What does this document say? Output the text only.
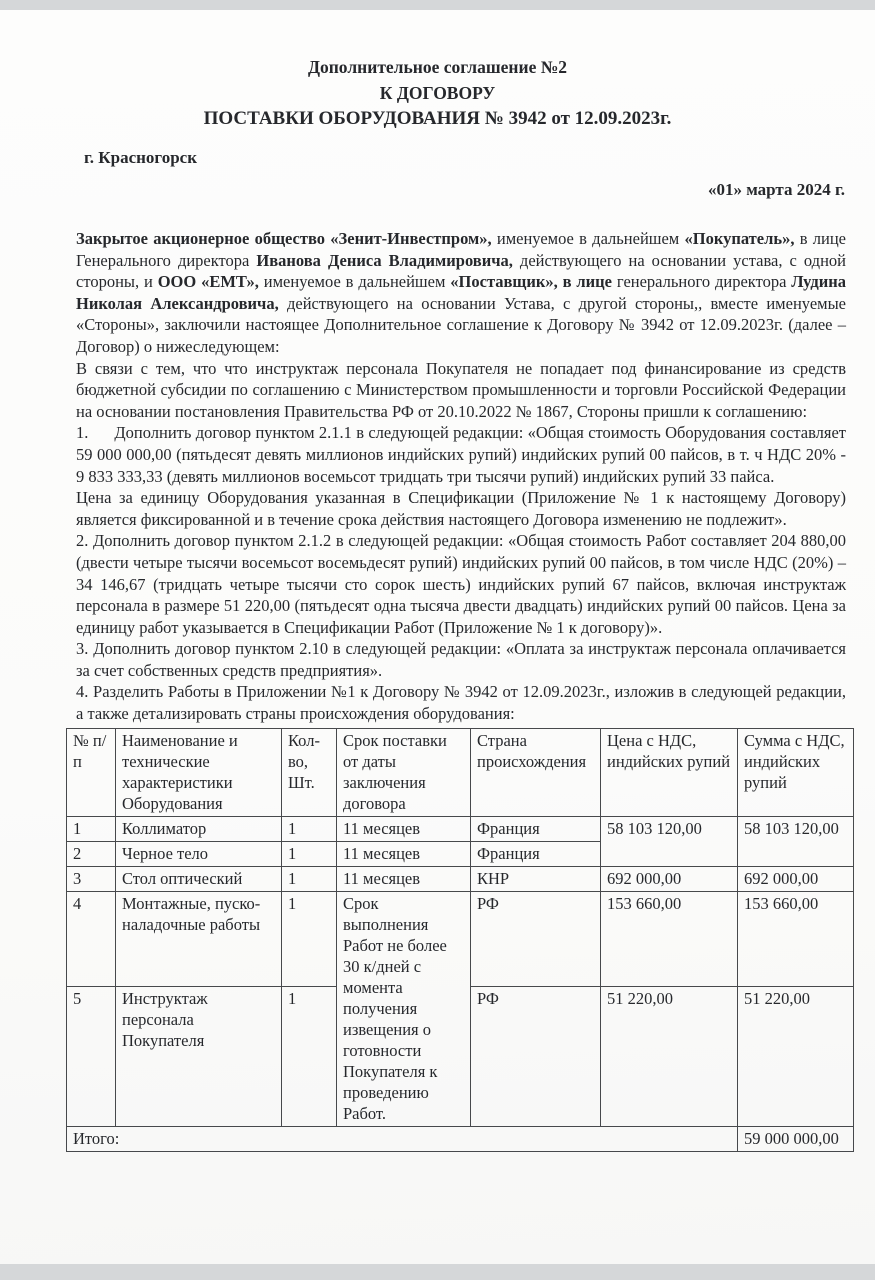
Дополнительное соглашение №2
К ДОГОВОРУ
ПОСТАВКИ ОБОРУДОВАНИЯ № 3942 от 12.09.2023г.
г. Красногорск
«01» марта 2024 г.

Закрытое акционерное общество «Зенит-Инвестпром», именуемое в дальнейшем «Покупатель», в лице Генерального директора Иванова Дениса Владимировича, действующего на основании устава, с одной стороны, и ООО «ЕМТ», именуемое в дальнейшем «Поставщик», в лице генерального директора Лудина Николая Александровича, действующего на основании Устава, с другой стороны,, вместе именуемые «Стороны», заключили настоящее Дополнительное соглашение к Договору № 3942 от 12.09.2023г. (далее – Договор) о нижеследующем:

В связи с тем, что что инструктаж персонала Покупателя не попадает под финансирование из средств бюджетной субсидии по соглашению с Министерством промышленности и торговли Российской Федерации на основании постановления Правительства РФ от 20.10.2022 № 1867, Стороны пришли к соглашению:

1.      Дополнить договор пунктом 2.1.1 в следующей редакции: «Общая стоимость Оборудования составляет 59 000 000,00 (пятьдесят девять миллионов индийских рупий) индийских рупий 00 пайсов, в т. ч НДС 20% - 9 833 333,33 (девять миллионов восемьсот тридцать три тысячи рупий) индийских рупий 33 пайса.

Цена за единицу Оборудования указанная в Спецификации (Приложение № 1 к настоящему Договору) является фиксированной и в течение срока действия настоящего Договора изменению не подлежит».

2. Дополнить договор пунктом 2.1.2 в следующей редакции: «Общая стоимость Работ составляет 204 880,00 (двести четыре тысячи восемьсот восемьдесят рупий) индийских рупий 00 пайсов, в том числе НДС (20%) – 34 146,67 (тридцать четыре тысячи сто сорок шесть) индийских рупий 67 пайсов, включая инструктаж персонала в размере 51 220,00 (пятьдесят одна тысяча двести двадцать) индийских рупий 00 пайсов. Цена за единицу работ указывается в Спецификации Работ (Приложение № 1 к договору)».

3. Дополнить договор пунктом 2.10 в следующей редакции: «Оплата за инструктаж персонала оплачивается за счет собственных средств предприятия».

4. Разделить Работы в Приложении №1 к Договору № 3942 от 12.09.2023г., изложив в следующей редакции, а также детализировать страны происхождения оборудования:

№ п/п	Наименование и технические характеристики Оборудования	Кол-во, Шт.	Срок поставки от даты заключения договора	Страна происхождения	Цена с НДС, индийских рупий	Сумма с НДС, индийских рупий
1	Коллиматор	1	11 месяцев	Франция	58 103 120,00	58 103 120,00
2	Черное тело	1	11 месяцев	Франция		
3	Стол оптический	1	11 месяцев	КНР	692 000,00	692 000,00
4	Монтажные, пуско-наладочные работы	1	Срок выполнения Работ не более 30 к/дней с момента получения извещения о готовности Покупателя к проведению Работ.	РФ	153 660,00	153 660,00
5	Инструктаж персонала Покупателя	1		РФ	51 220,00	51 220,00
Итого:						59 000 000,00
